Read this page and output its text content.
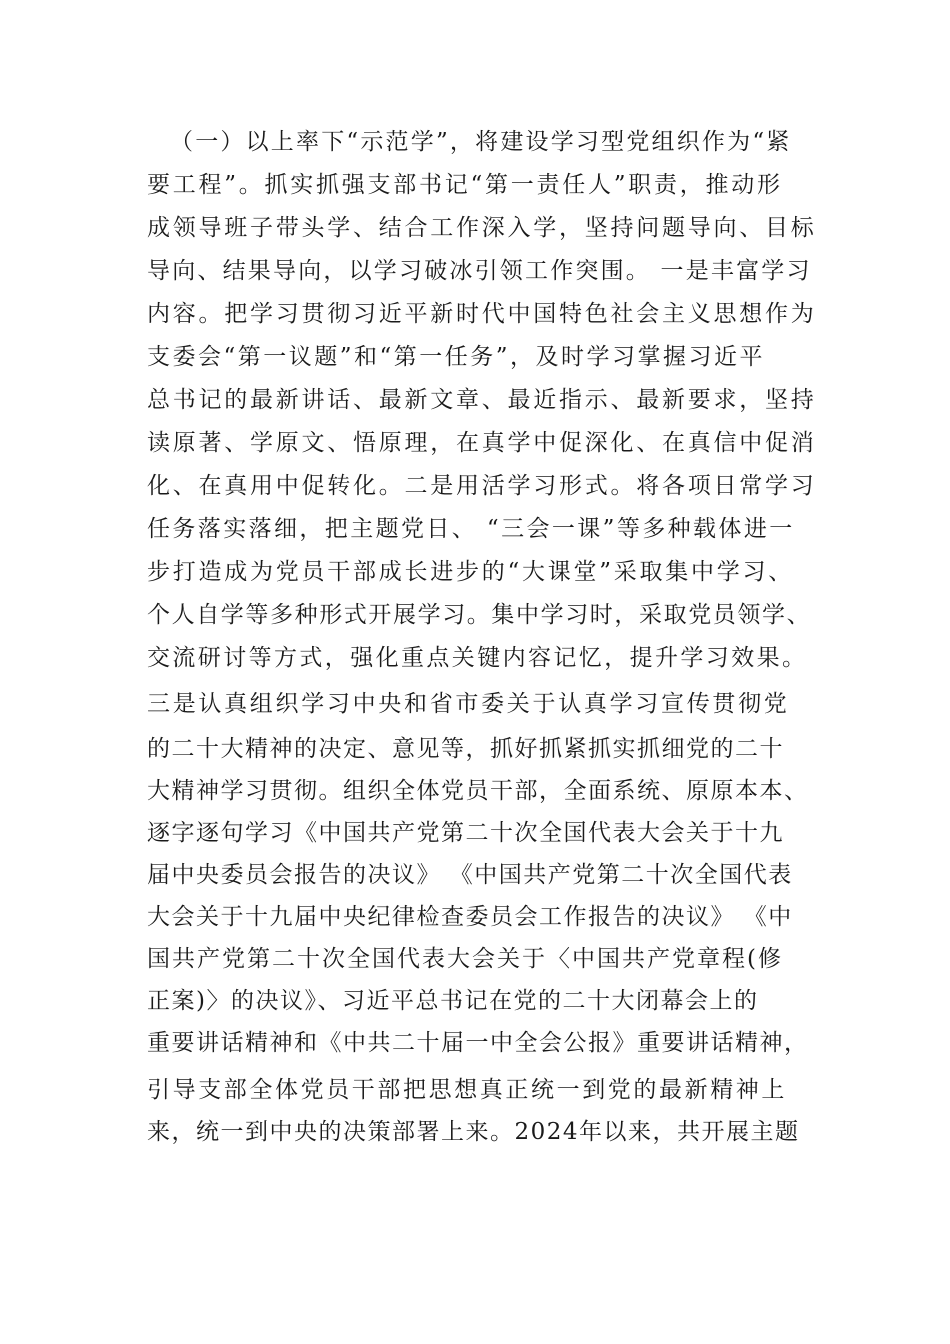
（一）以上率下“示范学”，将建设学习型党组织作为“紧
要工程”。抓实抓强支部书记“第一责任人”职责，推动形
成领导班子带头学、结合工作深入学，坚持问题导向、目标
导向、结果导向，以学习破冰引领工作突围。 一是丰富学习
内容。把学习贯彻习近平新时代中国特色社会主义思想作为
支委会“第一议题”和“第一任务”，及时学习掌握习近平
总书记的最新讲话、最新文章、最近指示、最新要求，坚持
读原著、学原文、悟原理，在真学中促深化、在真信中促消
化、在真用中促转化。二是用活学习形式。将各项日常学习
任务落实落细，把主题党日、 “三会一课”等多种载体进一
步打造成为党员干部成长进步的“大课堂”采取集中学习、
个人自学等多种形式开展学习。集中学习时，采取党员领学、
交流研讨等方式，强化重点关键内容记忆，提升学习效果。
三是认真组织学习中央和省市委关于认真学习宣传贯彻党
的二十大精神的决定、意见等，抓好抓紧抓实抓细党的二十
大精神学习贯彻。组织全体党员干部，全面系统、原原本本、
逐字逐句学习《中国共产党第二十次全国代表大会关于十九
届中央委员会报告的决议》 《中国共产党第二十次全国代表
大会关于十九届中央纪律检查委员会工作报告的决议》 《中
国共产党第二十次全国代表大会关于〈中国共产党章程(修
正案)〉的决议》、习近平总书记在党的二十大闭幕会上的
重要讲话精神和《中共二十届一中全会公报》重要讲话精神，
引导支部全体党员干部把思想真正统一到党的最新精神上
来，统一到中央的决策部署上来。2024年以来，共开展主题
